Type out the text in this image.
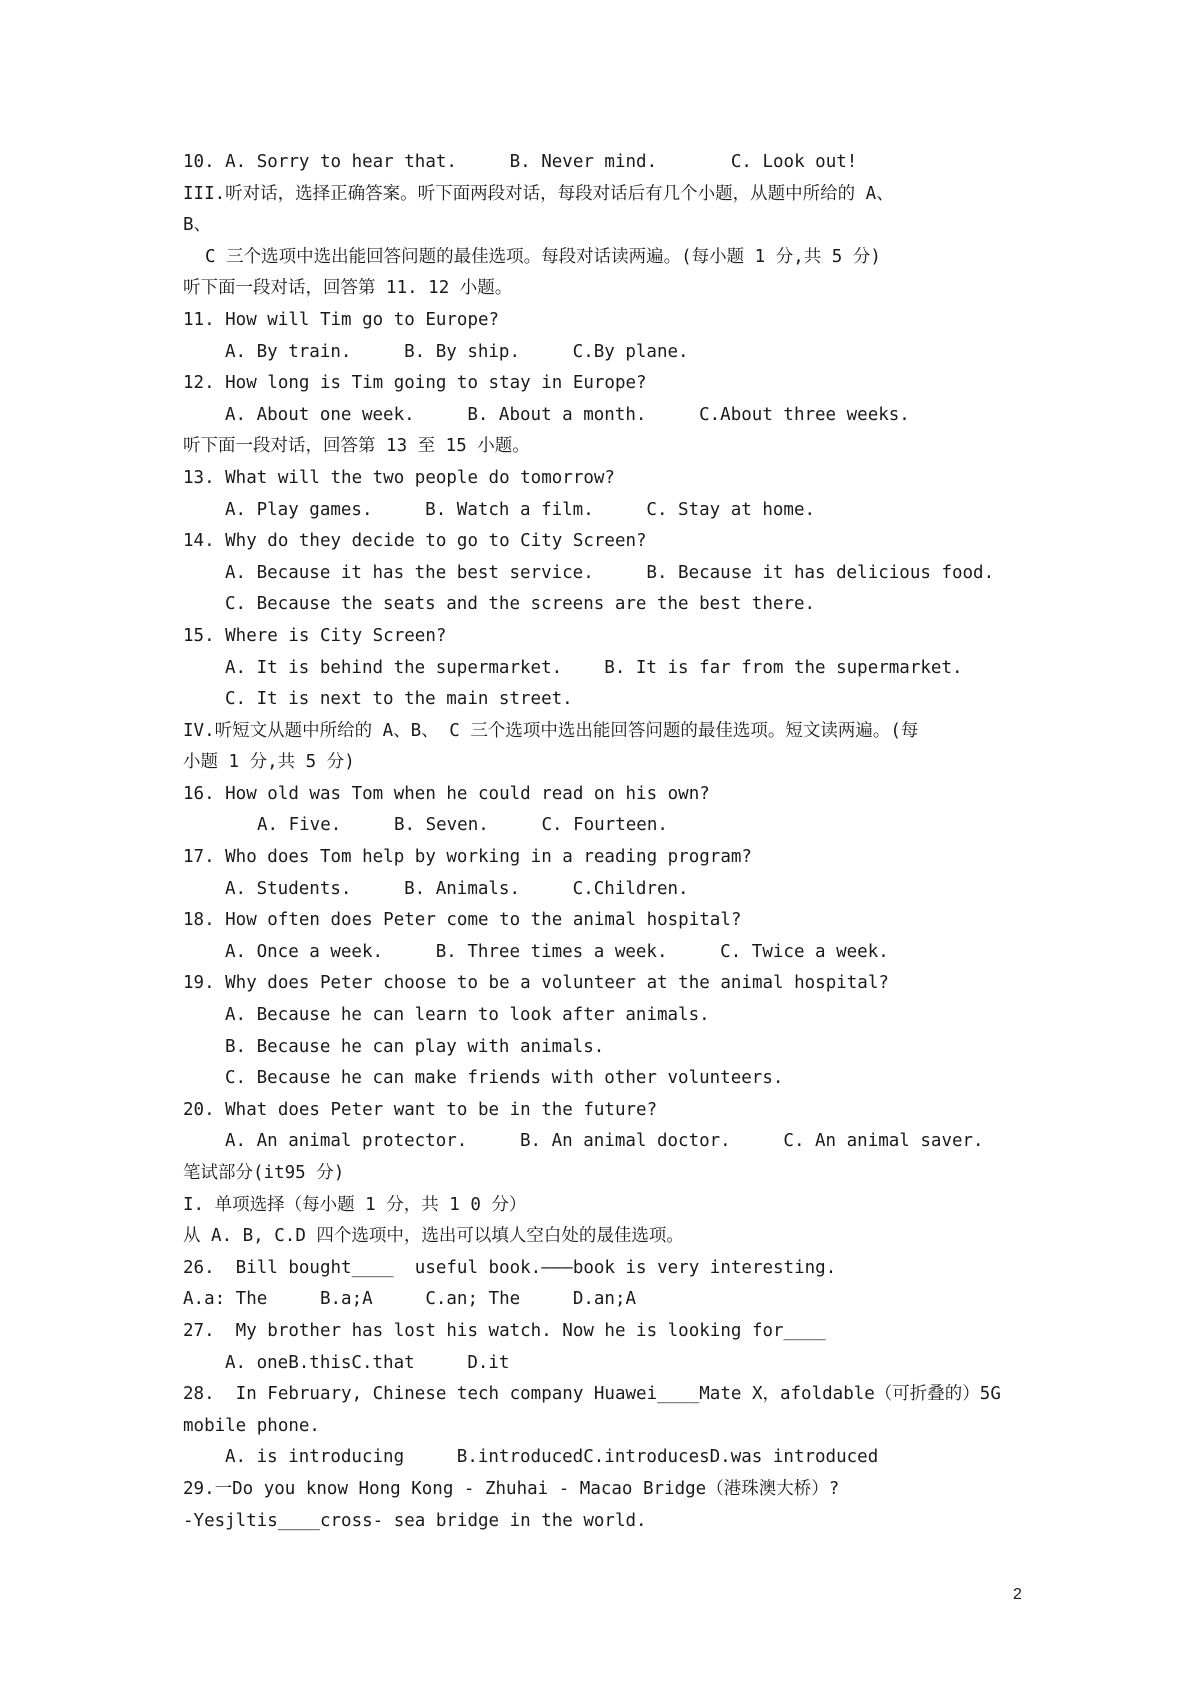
10. A. Sorry to hear that.     B. Never mind.       C. Look out!
III.听对话，选择正确答案。听下面两段对话，每段对话后有几个小题，从题中所给的 A、
B、
C 三个选项中选出能回答问题的最佳选项。每段对话读两遍。(每小题 1 分,共 5 分)
听下面一段对话，回答第 11. 12 小题。
11. How will Tim go to Europe?
A. By train.     B. By ship.     C.By plane.
12. How long is Tim going to stay in Europe?
A. About one week.     B. About a month.     C.About three weeks.
听下面一段对话，回答第 13 至 15 小题。
13. What will the two people do tomorrow?
A. Play games.     B. Watch a film.     C. Stay at home.
14. Why do they decide to go to City Screen?
A. Because it has the best service.     B. Because it has delicious food.
C. Because the seats and the screens are the best there.
15. Where is City Screen?
A. It is behind the supermarket.    B. It is far from the supermarket.
C. It is next to the main street.
IV.听短文从题中所给的 A、B、 C 三个选项中选出能回答问题的最佳选项。短文读两遍。(每
小题 1 分,共 5 分)
16. How old was Tom when he could read on his own?
A. Five.     B. Seven.     C. Fourteen.
17. Who does Tom help by working in a reading program?
A. Students.     B. Animals.     C.Children.
18. How often does Peter come to the animal hospital?
A. Once a week.     B. Three times a week.     C. Twice a week.
19. Why does Peter choose to be a volunteer at the animal hospital?
A. Because he can learn to look after animals.
B. Because he can play with animals.
C. Because he can make friends with other volunteers.
20. What does Peter want to be in the future?
A. An animal protector.     B. An animal doctor.     C. An animal saver.
笔试部分(it95 分)
I. 单项选择（每小题 1 分，共 1 0 分）
从 A. B, C.D 四个选项中，选出可以填人空白处的晟佳选项。
26.  Bill bought____  useful book.———book is very interesting.
A.a: The     B.a;A     C.an; The     D.an;A
27.  My brother has lost his watch. Now he is looking for____
A. oneB.thisC.that     D.it
28.  In February, Chinese tech company Huawei____Mate X，afoldable（可折叠的）5G
mobile phone.
A. is introducing     B.introducedC.introducesD.was introduced
29.一Do you know Hong Kong - Zhuhai - Macao Bridge（港珠澳大桥）?
-Yesjltis____cross- sea bridge in the world.
2
